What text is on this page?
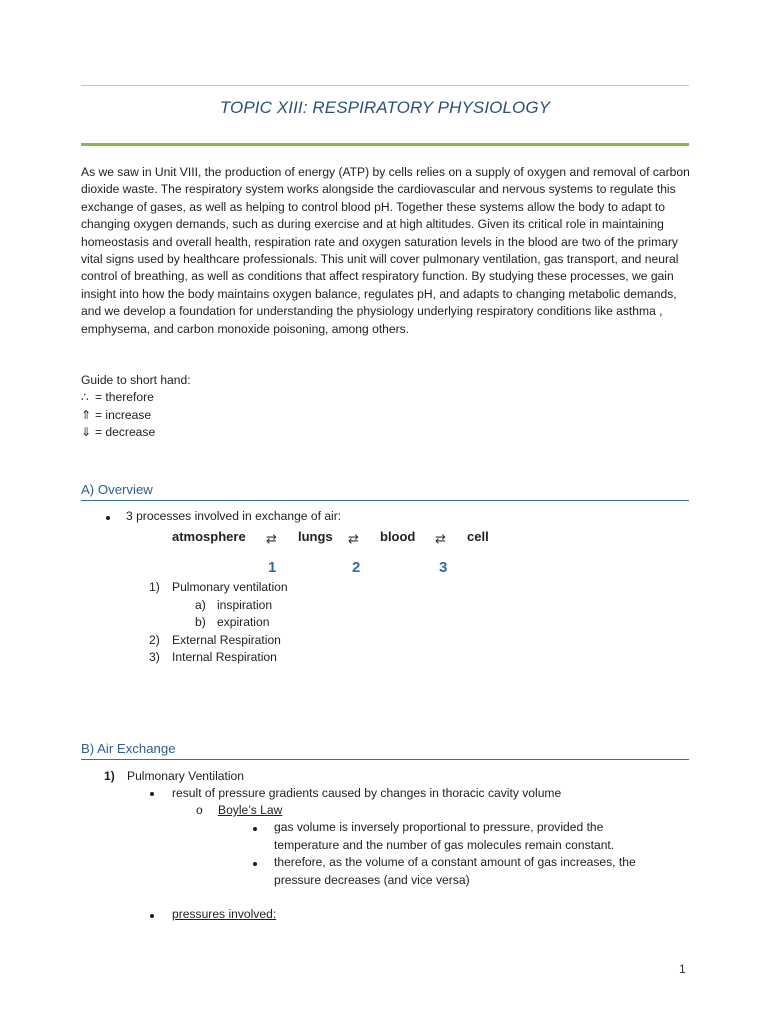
TOPIC XIII: RESPIRATORY PHYSIOLOGY

As we saw in Unit VIII, the production of energy (ATP) by cells relies on a supply of oxygen and removal of carbon dioxide waste. The respiratory system works alongside the cardiovascular and nervous systems to regulate this exchange of gases, as well as helping to control blood pH. Together these systems allow the body to adapt to changing oxygen demands, such as during exercise and at high altitudes. Given its critical role in maintaining homeostasis and overall health, respiration rate and oxygen saturation levels in the blood are two of the primary vital signs used by healthcare professionals. This unit will cover pulmonary ventilation, gas transport, and neural control of breathing, as well as conditions that affect respiratory function. By studying these processes, we gain insight into how the body maintains oxygen balance, regulates pH, and adapts to changing metabolic demands, and we develop a foundation for understanding the physiology underlying respiratory conditions like asthma , emphysema, and carbon monoxide poisoning, among others.

Guide to short hand:
∴ = therefore
⇑ = increase
⇓ = decrease
A) Overview
3 processes involved in exchange of air:
atmosphere ⇄ lungs ⇄ blood ⇄ cell
1	2	3
1) Pulmonary ventilation
a) inspiration
b) expiration
2) External Respiration
3) Internal Respiration
B) Air Exchange
1) Pulmonary Ventilation
result of pressure gradients caused by changes in thoracic cavity volume
o Boyle’s Law
gas volume is inversely proportional to pressure, provided the
temperature and the number of gas molecules remain constant.
therefore, as the volume of a constant amount of gas increases, the
pressure decreases (and vice versa)
pressures involved:
1
